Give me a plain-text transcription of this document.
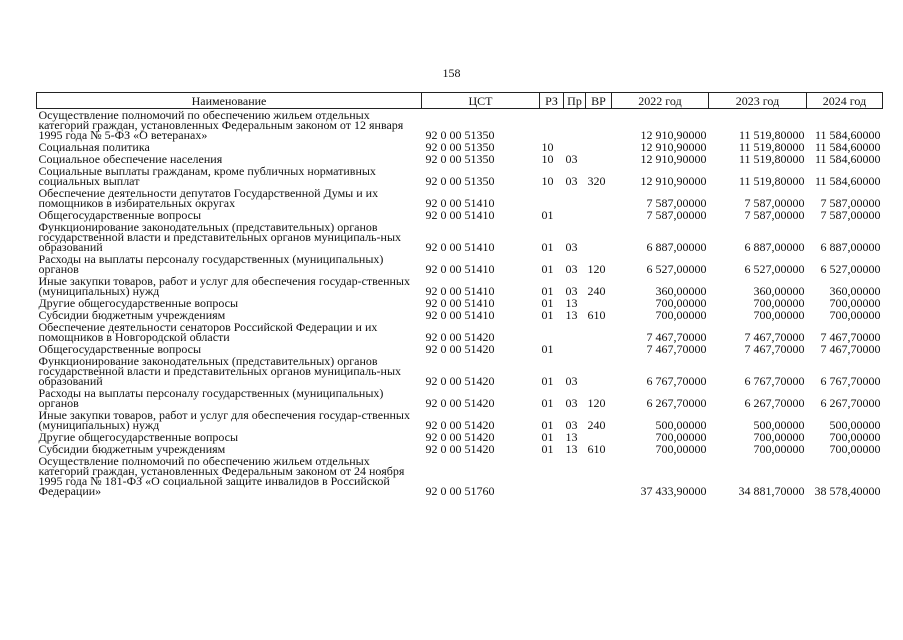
158
Наименование	ЦСТ	РЗ	Пр	ВР	2022 год	2023 год	2024 год
Осуществление полномочий по обеспечению жильем отдельных категорий граждан, установленных Федеральным законом от 12 января 1995 года № 5-ФЗ «О ветеранах»	92 0 00 51350				12 910,90000	11 519,80000	11 584,60000
Социальная политика	92 0 00 51350	10			12 910,90000	11 519,80000	11 584,60000
Социальное обеспечение населения	92 0 00 51350	10	03		12 910,90000	11 519,80000	11 584,60000
Социальные выплаты гражданам, кроме публичных нормативных социальных выплат	92 0 00 51350	10	03	320	12 910,90000	11 519,80000	11 584,60000
Обеспечение деятельности депутатов Государственной Думы и их помощников в избирательных округах	92 0 00 51410				7 587,00000	7 587,00000	7 587,00000
Общегосударственные вопросы	92 0 00 51410	01			7 587,00000	7 587,00000	7 587,00000
Функционирование законодательных (представительных) органов государственной власти и представительных органов муниципаль-ных образований	92 0 00 51410	01	03		6 887,00000	6 887,00000	6 887,00000
Расходы на выплаты персоналу государственных (муниципальных) органов	92 0 00 51410	01	03	120	6 527,00000	6 527,00000	6 527,00000
Иные закупки товаров, работ и услуг для обеспечения государ-ственных (муниципальных) нужд	92 0 00 51410	01	03	240	360,00000	360,00000	360,00000
Другие общегосударственные вопросы	92 0 00 51410	01	13		700,00000	700,00000	700,00000
Субсидии бюджетным учреждениям	92 0 00 51410	01	13	610	700,00000	700,00000	700,00000
Обеспечение деятельности сенаторов Российской Федерации и их помощников в Новгородской области	92 0 00 51420				7 467,70000	7 467,70000	7 467,70000
Общегосударственные вопросы	92 0 00 51420	01			7 467,70000	7 467,70000	7 467,70000
Функционирование законодательных (представительных) органов государственной власти и представительных органов муниципаль-ных образований	92 0 00 51420	01	03		6 767,70000	6 767,70000	6 767,70000
Расходы на выплаты персоналу государственных (муниципальных) органов	92 0 00 51420	01	03	120	6 267,70000	6 267,70000	6 267,70000
Иные закупки товаров, работ и услуг для обеспечения государ-ственных (муниципальных) нужд	92 0 00 51420	01	03	240	500,00000	500,00000	500,00000
Другие общегосударственные вопросы	92 0 00 51420	01	13		700,00000	700,00000	700,00000
Субсидии бюджетным учреждениям	92 0 00 51420	01	13	610	700,00000	700,00000	700,00000
Осуществление полномочий по обеспечению жильем отдельных категорий граждан, установленных Федеральным законом от 24 ноября 1995 года № 181-ФЗ «О социальной защите инвалидов в Российской Федерации»	92 0 00 51760				37 433,90000	34 881,70000	38 578,40000
